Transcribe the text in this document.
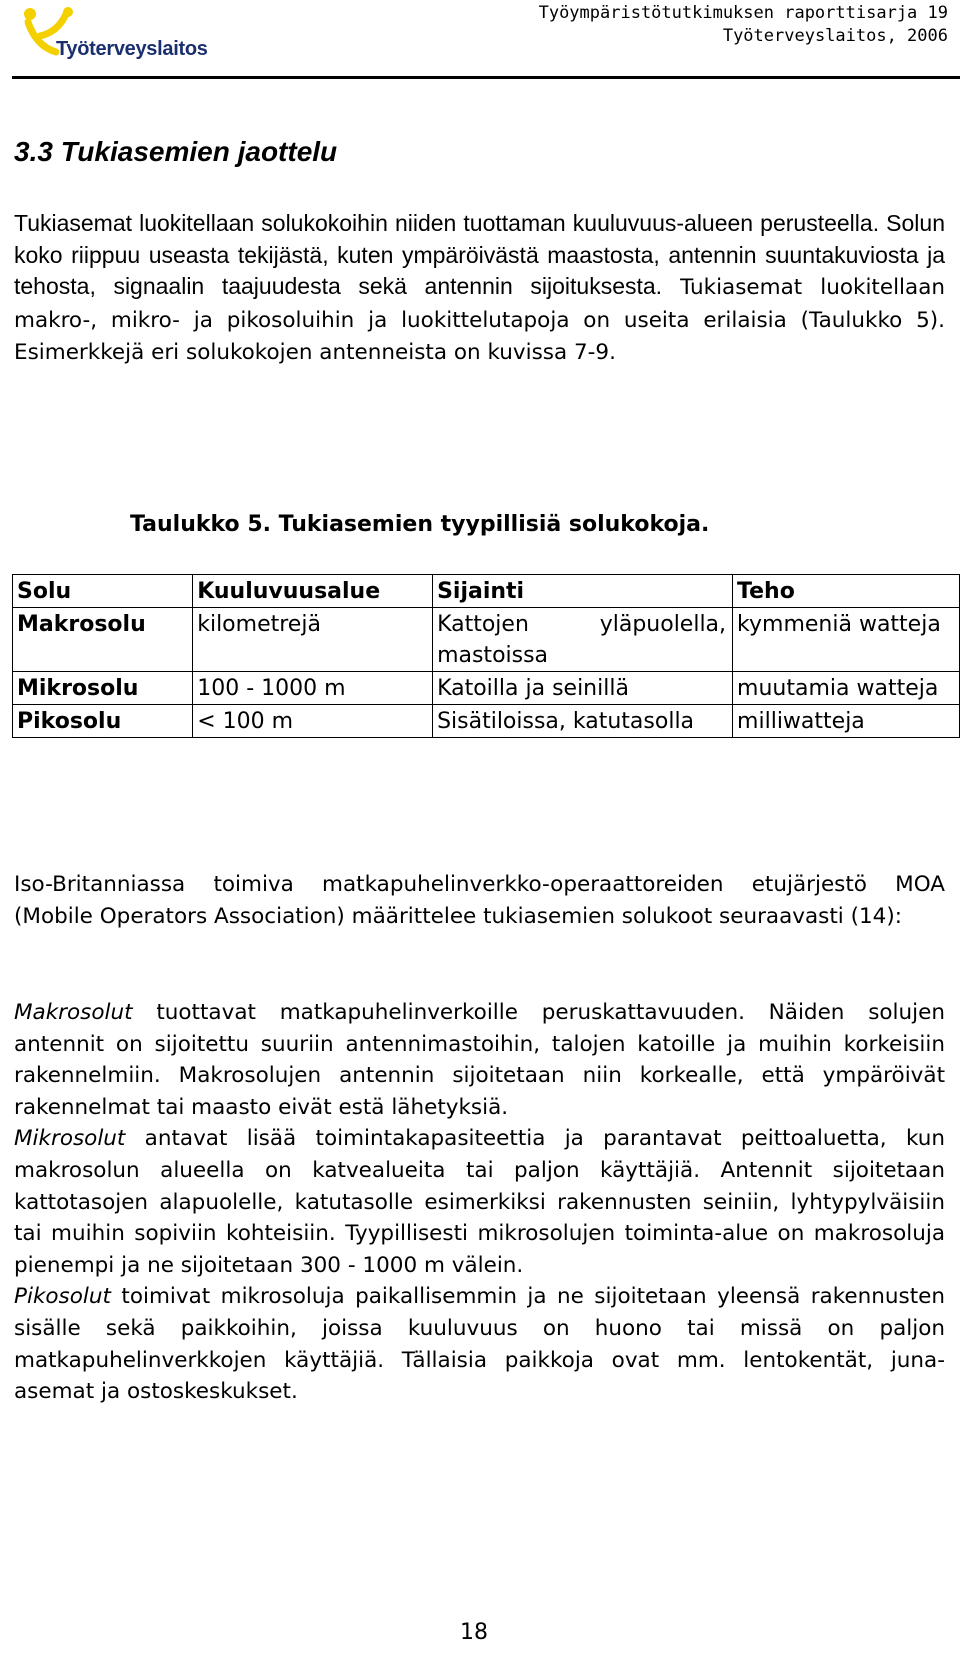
Työterveyslaitos
Työympäristötutkimuksen raporttisarja 19
Työterveyslaitos, 2006
3.3 Tukiasemien jaottelu

Tukiasemat luokitellaan solukokoihin niiden tuottaman kuuluvuus-alueen perusteella. Solun koko riippuu useasta tekijästä, kuten ympäröivästä maastosta, antennin suuntakuviosta ja tehosta, signaalin taajuudesta sekä antennin sijoituksesta. Tukiasemat luokitellaan makro-, mikro- ja pikosoluihin ja luokittelutapoja on useita erilaisia (Taulukko 5). Esimerkkejä eri solukokojen antenneista on kuvissa 7-9.

Taulukko 5. Tukiasemien tyypillisiä solukokoja.

Solu	Kuuluvuusalue	Sijainti	Teho
Makrosolu	kilometrejä	Kattojen yläpuolella, mastoissa	kymmeniä watteja
Mikrosolu	100 - 1000 m	Katoilla ja seinillä	muutamia watteja
Pikosolu	< 100 m	Sisätiloissa, katutasolla	milliwatteja

Iso-Britanniassa toimiva matkapuhelinverkko-operaattoreiden etujärjestö MOA (Mobile Operators Association) määrittelee tukiasemien solukoot seuraavasti (14):

Makrosolut tuottavat matkapuhelinverkoille peruskattavuuden. Näiden solujen antennit on sijoitettu suuriin antennimastoihin, talojen katoille ja muihin korkeisiin rakennelmiin. Makrosolujen antennin sijoitetaan niin korkealle, että ympäröivät rakennelmat tai maasto eivät estä lähetyksiä.
Mikrosolut antavat lisää toimintakapasiteettia ja parantavat peittoaluetta, kun makrosolun alueella on katvealueita tai paljon käyttäjiä. Antennit sijoitetaan kattotasojen alapuolelle, katutasolle esimerkiksi rakennusten seiniin, lyhtypylväisiin tai muihin sopiviin kohteisiin. Tyypillisesti mikrosolujen toiminta-alue on makrosoluja pienempi ja ne sijoitetaan 300 - 1000 m välein.
Pikosolut toimivat mikrosoluja paikallisemmin ja ne sijoitetaan yleensä rakennusten sisälle sekä paikkoihin, joissa kuuluvuus on huono tai missä on paljon matkapuhelinverkkojen käyttäjiä. Tällaisia paikkoja ovat mm. lentokentät, juna-asemat ja ostoskeskukset.
18
